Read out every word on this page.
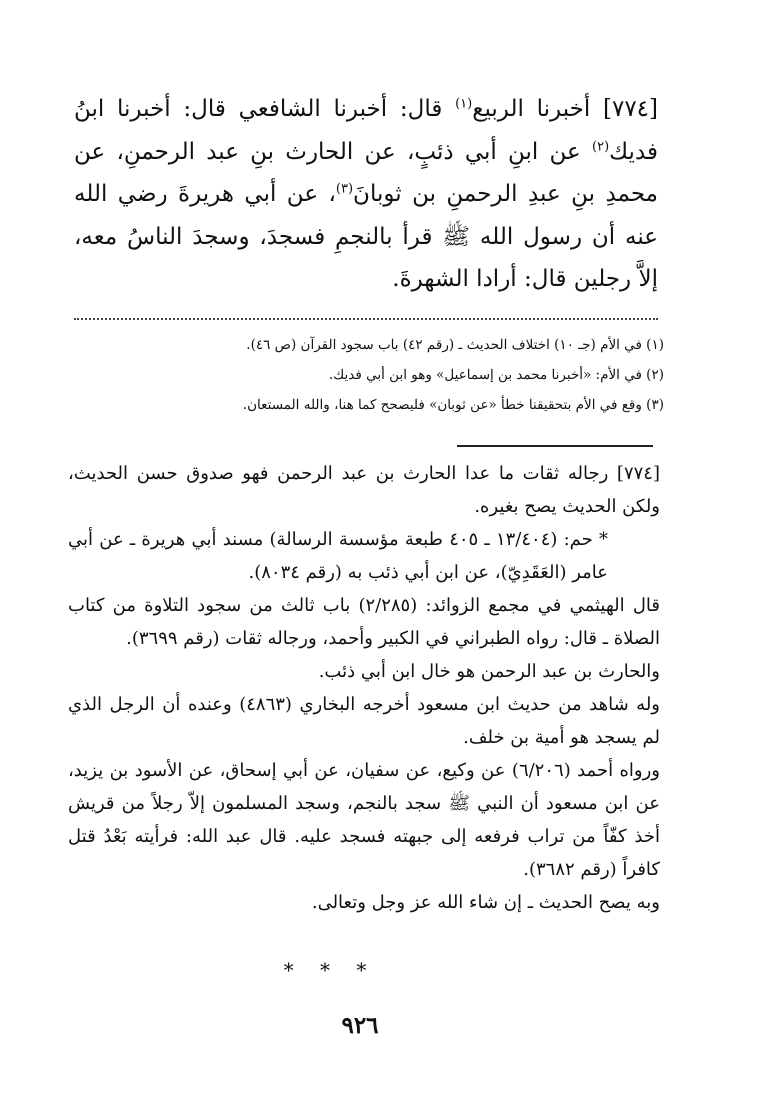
[٧٧٤] أخبرنا الربيع$^{(١)}$ قال: أخبرنا الشافعي قال: أخبرنا ابنُ فديك$^{(٢)}$ عن ابنِ أبي ذئبٍ، عن الحارث بنِ عبد الرحمنِ، عن محمدِ بنِ عبدِ الرحمنِ بن ثوبانَ$^{(٣)}$، عن أبي هريرةَ رضي الله عنه أن رسول الله ﷺ قرأ بالنجمِ فسجدَ، وسجدَ الناسُ معه، إلاَّ رجلين قال: أرادا الشهرةَ.

(١) في الأم (جـ ١٠) اختلاف الحديث ـ (رقم ٤٢) باب سجود القرآن (ص ٤٦).

(٢) في الأم: «أخبرنا محمد بن إسماعيل» وهو ابن أبي فديك.

(٣) وقع في الأم بتحقيقنا خطأ «عن ثوبان» فليصحح كما هنا، والله المستعان.

[٧٧٤] رجاله ثقات ما عدا الحارث بن عبد الرحمن فهو صدوق حسن الحديث، ولكن الحديث يصح بغيره.

* حم: (١٣/٤٠٤ ـ ٤٠٥ طبعة مؤسسة الرسالة) مسند أبي هريرة ـ عن أبي عامر (العَقَدِيّ)، عن ابن أبي ذئب به (رقم ٨٠٣٤).

قال الهيثمي في مجمع الزوائد: (٢/٢٨٥) باب ثالث من سجود التلاوة من كتاب الصلاة ـ قال: رواه الطبراني في الكبير وأحمد، ورجاله ثقات (رقم ٣٦٩٩).

والحارث بن عبد الرحمن هو خال ابن أبي ذئب.

وله شاهد من حديث ابن مسعود أخرجه البخاري (٤٨٦٣) وعنده أن الرجل الذي لم يسجد هو أمية بن خلف.

ورواه أحمد (٦/٢٠٦) عن وكيع، عن سفيان، عن أبي إسحاق، عن الأسود بن يزيد، عن ابن مسعود أن النبي ﷺ سجد بالنجم، وسجد المسلمون إلاّ رجلاً من قريش أخذ كفّاً من تراب فرفعه إلى جبهته فسجد عليه. قال عبد الله: فرأيته بَعْدُ قتل كافراً (رقم ٣٦٨٢).

وبه يصح الحديث ـ إن شاء الله عز وجل وتعالى.

* * *
٩٢٦
